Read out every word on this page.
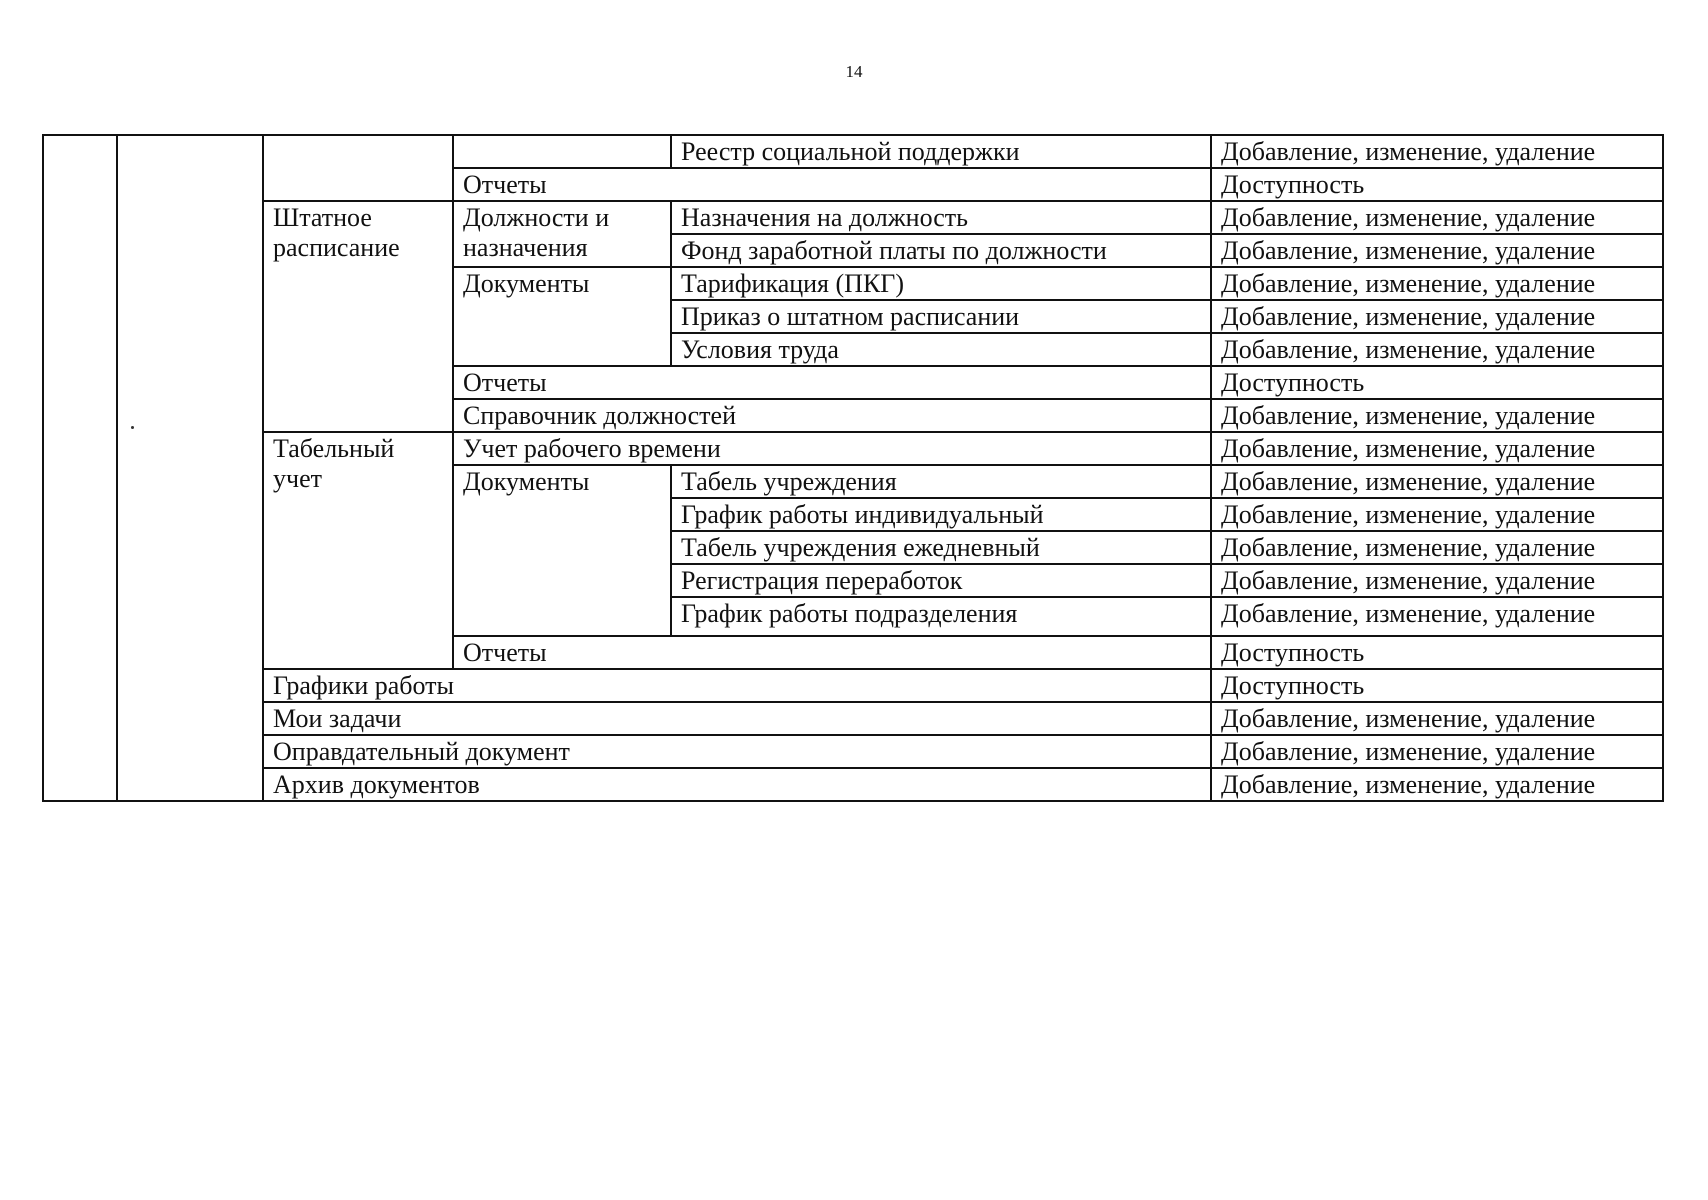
14
				Реестр социальной поддержки	Добавление, изменение, удаление
			Отчеты		Доступность
		Штатное расписание	Должности и назначения	Назначения на должность	Добавление, изменение, удаление
				Фонд заработной платы по должности	Добавление, изменение, удаление
			Документы	Тарификация (ПКГ)	Добавление, изменение, удаление
				Приказ о штатном расписании	Добавление, изменение, удаление
				Условия труда	Добавление, изменение, удаление
			Отчеты		Доступность
			Справочник должностей		Добавление, изменение, удаление
		Табельный учет	Учет рабочего времени		Добавление, изменение, удаление
			Документы	Табель учреждения	Добавление, изменение, удаление
				График работы индивидуальный	Добавление, изменение, удаление
				Табель учреждения ежедневный	Добавление, изменение, удаление
				Регистрация переработок	Добавление, изменение, удаление
				График работы подразделения	Добавление, изменение, удаление
			Отчеты		Доступность
		Графики работы			Доступность
		Мои задачи			Добавление, изменение, удаление
		Оправдательный документ			Добавление, изменение, удаление
		Архив документов			Добавление, изменение, удаление
